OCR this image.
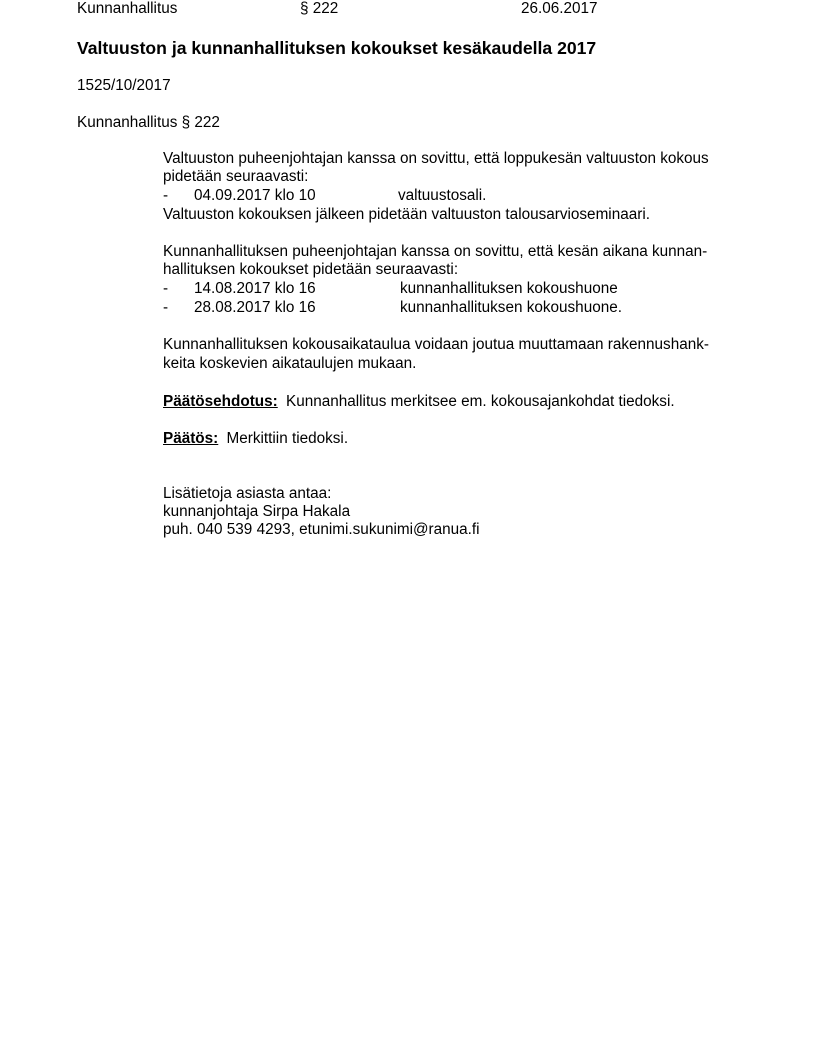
Kunnanhallitus	§ 222	26.06.2017
Valtuuston ja kunnanhallituksen kokoukset kesäkaudella 2017
1525/10/2017
Kunnanhallitus § 222
Valtuuston puheenjohtajan kanssa on sovittu, että loppukesän valtuuston kokous
pidetään seuraavasti:
- 04.09.2017 klo 10	valtuustosali.
Valtuuston kokouksen jälkeen pidetään valtuuston talousarvioseminaari.
Kunnanhallituksen puheenjohtajan kanssa on sovittu, että kesän aikana kunnan-
hallituksen kokoukset pidetään seuraavasti:
- 14.08.2017 klo 16	kunnanhallituksen kokoushuone
- 28.08.2017 klo 16	kunnanhallituksen kokoushuone.
Kunnanhallituksen kokousaikataulua voidaan joutua muuttamaan rakennushank-
keita koskevien aikataulujen mukaan.
Päätösehdotus: Kunnanhallitus merkitsee em. kokousajankohdat tiedoksi.
Päätös: Merkittiin tiedoksi.
Lisätietoja asiasta antaa:
kunnanjohtaja Sirpa Hakala
puh. 040 539 4293, etunimi.sukunimi@ranua.fi
